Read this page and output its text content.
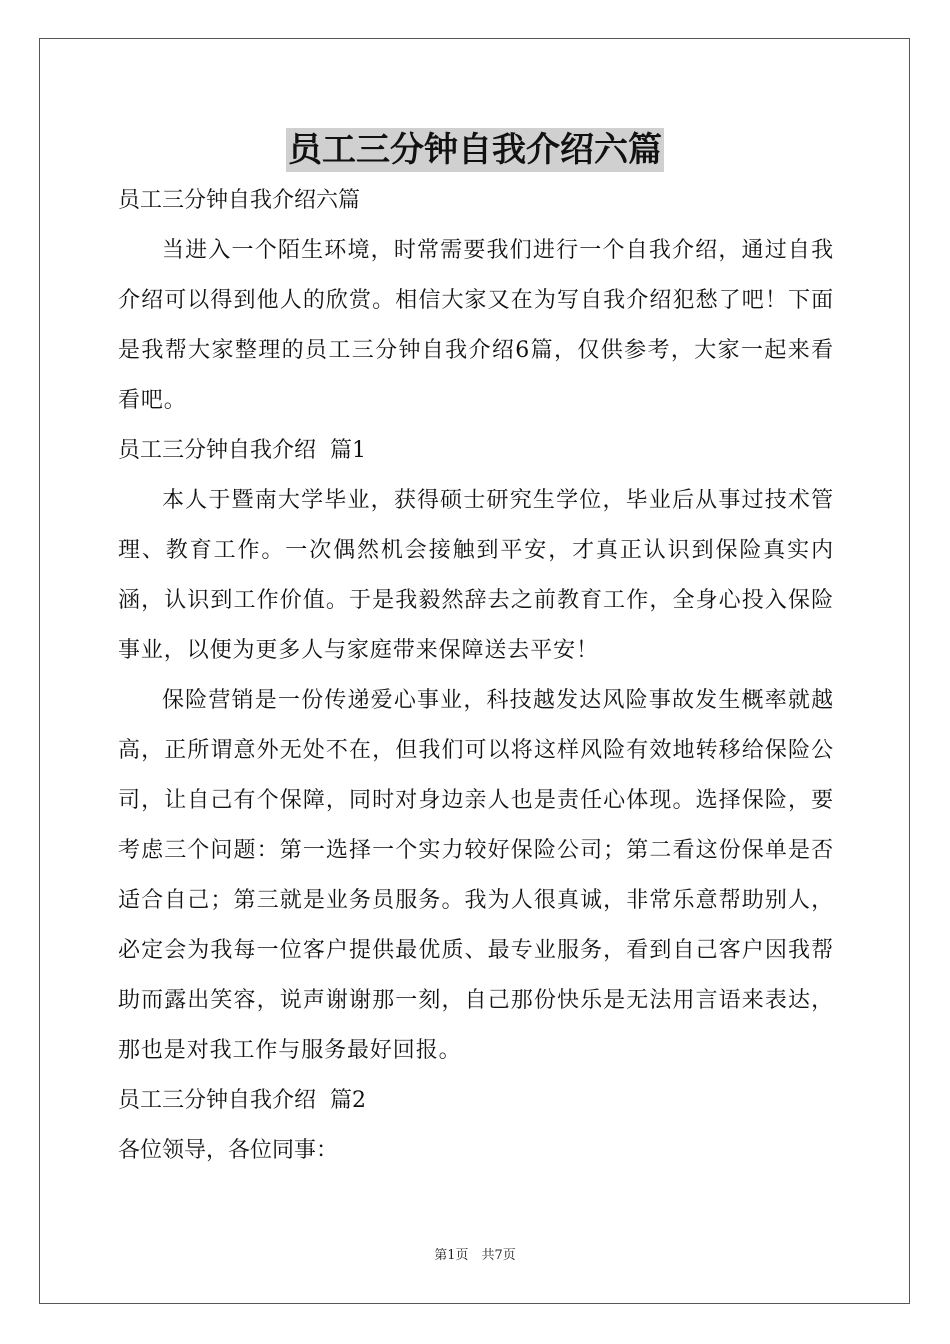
员工三分钟自我介绍六篇

员工三分钟自我介绍六篇

当进入一个陌生环境，时常需要我们进行一个自我介绍，通过自我介绍可以得到他人的欣赏。相信大家又在为写自我介绍犯愁了吧！下面是我帮大家整理的员工三分钟自我介绍6篇，仅供参考，大家一起来看看吧。

员工三分钟自我介绍  篇1

本人于暨南大学毕业，获得硕士研究生学位，毕业后从事过技术管理、教育工作。一次偶然机会接触到平安，才真正认识到保险真实内涵，认识到工作价值。于是我毅然辞去之前教育工作，全身心投入保险事业，以便为更多人与家庭带来保障送去平安！

保险营销是一份传递爱心事业，科技越发达风险事故发生概率就越高，正所谓意外无处不在，但我们可以将这样风险有效地转移给保险公司，让自己有个保障，同时对身边亲人也是责任心体现。选择保险，要考虑三个问题：第一选择一个实力较好保险公司；第二看这份保单是否适合自己；第三就是业务员服务。我为人很真诚，非常乐意帮助别人，必定会为我每一位客户提供最优质、最专业服务，看到自己客户因我帮助而露出笑容，说声谢谢那一刻，自己那份快乐是无法用言语来表达，那也是对我工作与服务最好回报。

员工三分钟自我介绍  篇2

各位领导，各位同事：

第1页　共7页
